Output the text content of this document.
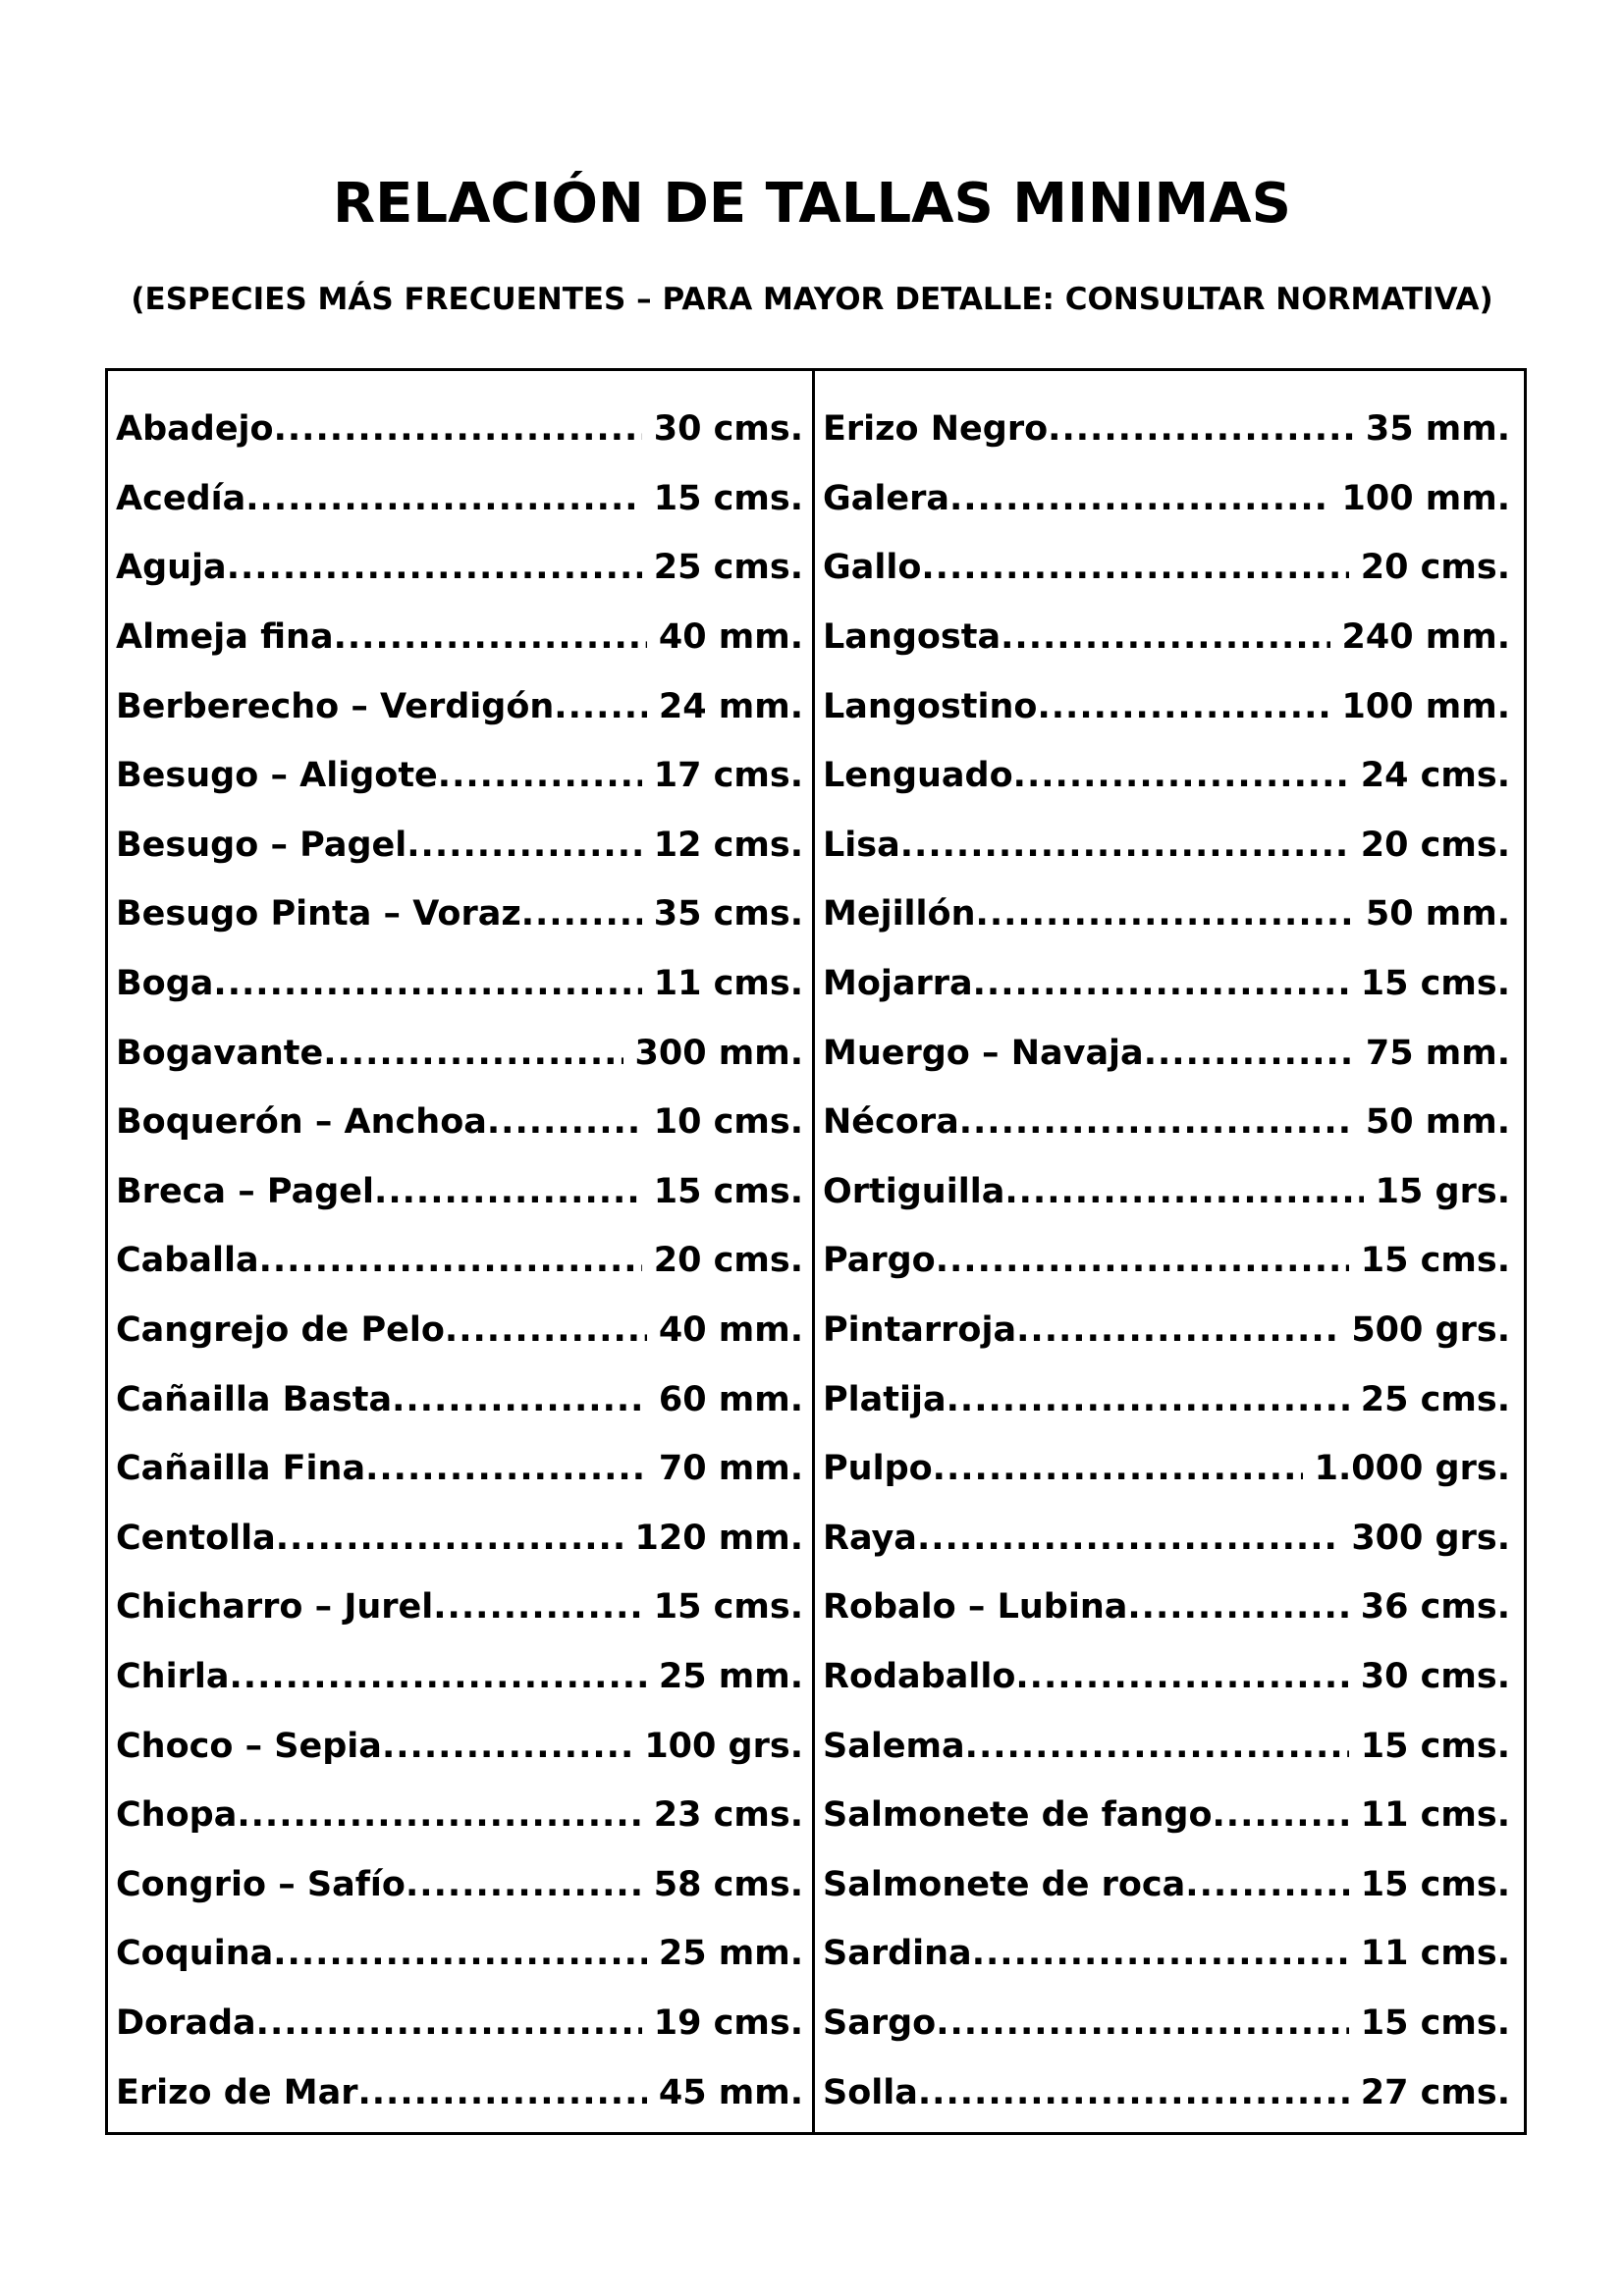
RELACIÓN DE TALLAS MINIMAS
(ESPECIES MÁS FRECUENTES – PARA MAYOR DETALLE: CONSULTAR NORMATIVA)
Abadejo .....	30 cms.
Acedía .....	15 cms.
Aguja .....	25 cms.
Almeja fina .....	40 mm.
Berberecho – Verdigón .....	24 mm.
Besugo – Aligote .....	17 cms.
Besugo – Pagel .....	12 cms.
Besugo Pinta – Voraz .....	35 cms.
Boga .....	11 cms.
Bogavante .....	300 mm.
Boquerón – Anchoa .....	10 cms.
Breca – Pagel .....	15 cms.
Caballa .....	20 cms.
Cangrejo de Pelo .....	40 mm.
Cañailla Basta .....	60 mm.
Cañailla Fina .....	70 mm.
Centolla .....	120 mm.
Chicharro – Jurel .....	15 cms.
Chirla .....	25 mm.
Choco – Sepia .....	100 grs.
Chopa .....	23 cms.
Congrio – Safío .....	58 cms.
Coquina .....	25 mm.
Dorada .....	19 cms.
Erizo de Mar .....	45 mm.
Erizo Negro .....	35 mm.
Galera .....	100 mm.
Gallo .....	20 cms.
Langosta .....	240 mm.
Langostino .....	100 mm.
Lenguado .....	24 cms.
Lisa .....	20 cms.
Mejillón .....	50 mm.
Mojarra .....	15 cms.
Muergo – Navaja .....	75 mm.
Nécora .....	50 mm.
Ortiguilla .....	15 grs.
Pargo .....	15 cms.
Pintarroja .....	500 grs.
Platija .....	25 cms.
Pulpo .....	1.000 grs.
Raya .....	300 grs.
Robalo – Lubina .....	36 cms.
Rodaballo .....	30 cms.
Salema .....	15 cms.
Salmonete de fango .....	11 cms.
Salmonete de roca .....	15 cms.
Sardina .....	11 cms.
Sargo .....	15 cms.
Solla .....	27 cms.
